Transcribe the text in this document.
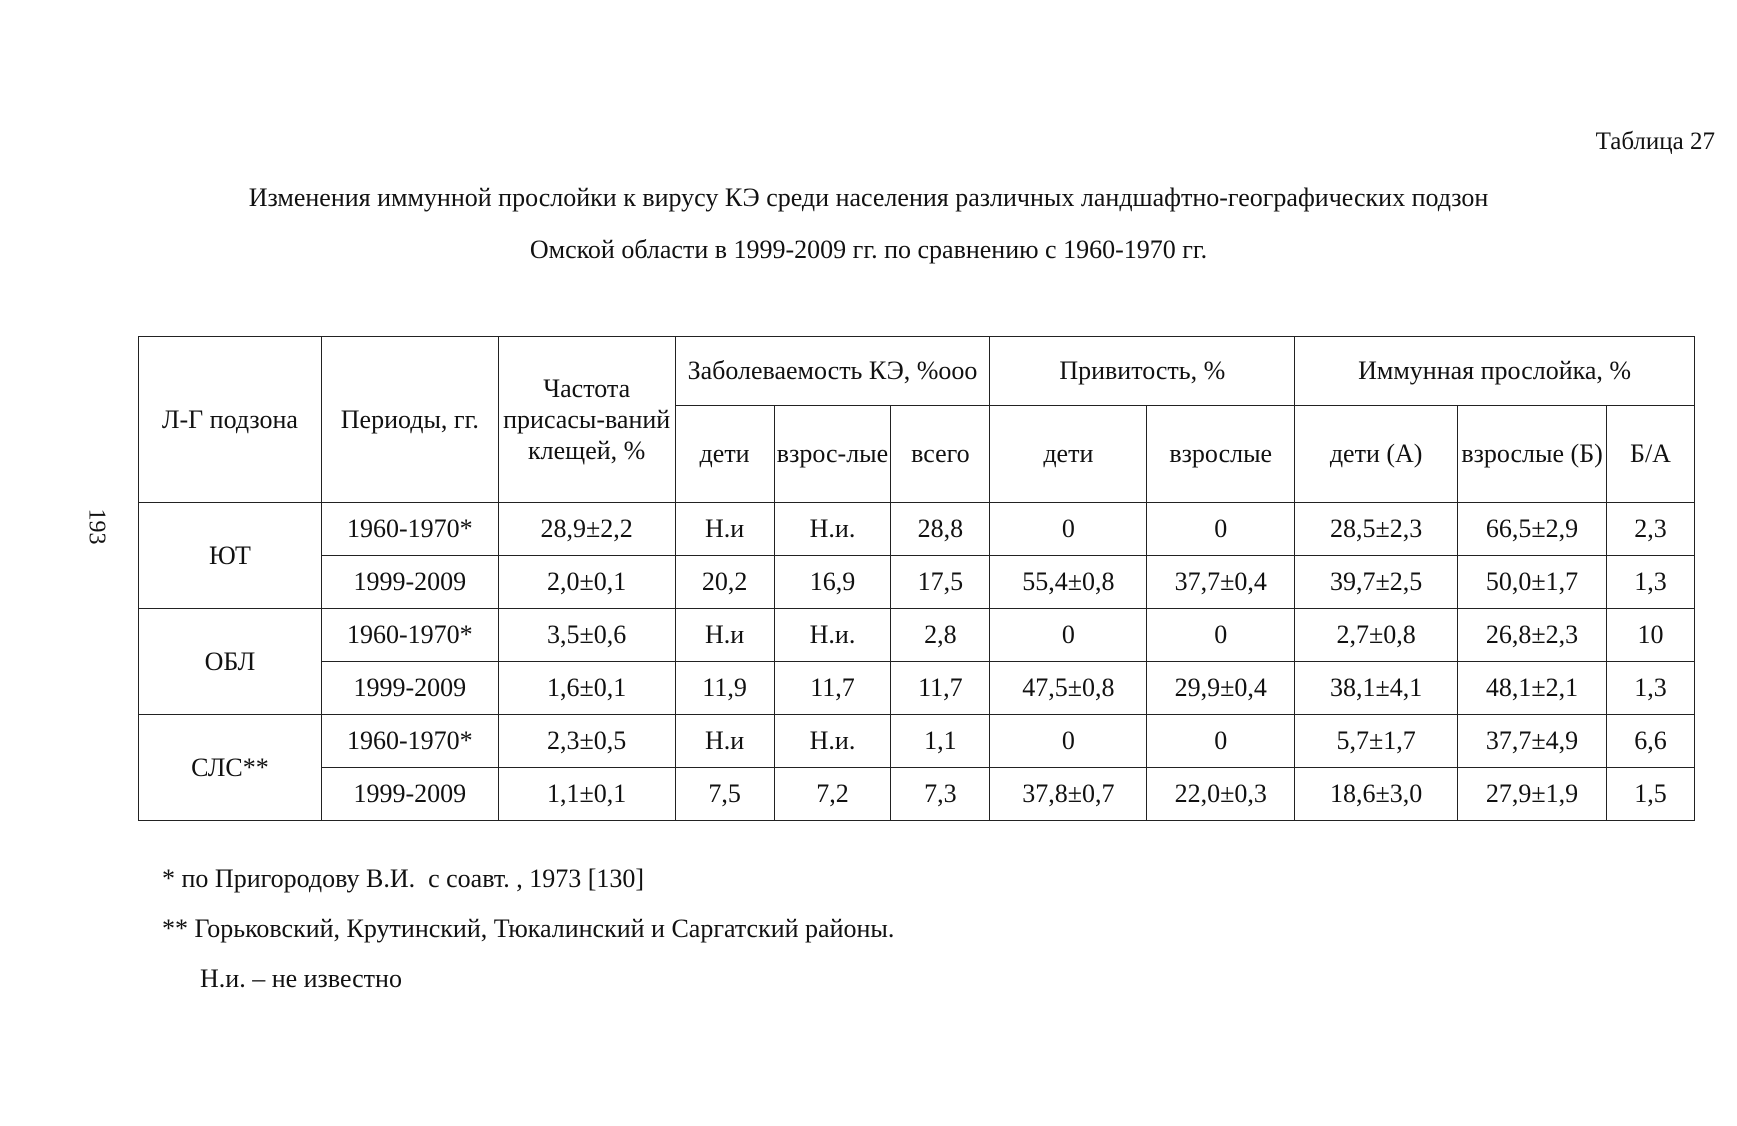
193
Таблица 27
Изменения иммунной прослойки к вирусу КЭ среди населения различных ландшафтно-географических подзон
Омской области в 1999-2009 гг. по сравнению с 1960-1970 гг.
Л-Г подзона	Периоды, гг.	Частота присасы-ваний клещей, %	Заболеваемость КЭ, %ooo			Привитость, %		Иммунная прослойка, %		
			дети	взрос-лые	всего	дети	взрослые	дети (А)	взрослые (Б)	Б/А
ЮТ	1960-1970*	28,9±2,2	Н.и	Н.и.	28,8	0	0	28,5±2,3	66,5±2,9	2,3
	1999-2009	2,0±0,1	20,2	16,9	17,5	55,4±0,8	37,7±0,4	39,7±2,5	50,0±1,7	1,3
ОБЛ	1960-1970*	3,5±0,6	Н.и	Н.и.	2,8	0	0	2,7±0,8	26,8±2,3	10
	1999-2009	1,6±0,1	11,9	11,7	11,7	47,5±0,8	29,9±0,4	38,1±4,1	48,1±2,1	1,3
СЛС**	1960-1970*	2,3±0,5	Н.и	Н.и.	1,1	0	0	5,7±1,7	37,7±4,9	6,6
	1999-2009	1,1±0,1	7,5	7,2	7,3	37,8±0,7	22,0±0,3	18,6±3,0	27,9±1,9	1,5
* по Пригородову В.И.  с соавт. , 1973 [130]
** Горьковский, Крутинский, Тюкалинский и Саргатский районы.
Н.и. – не известно
